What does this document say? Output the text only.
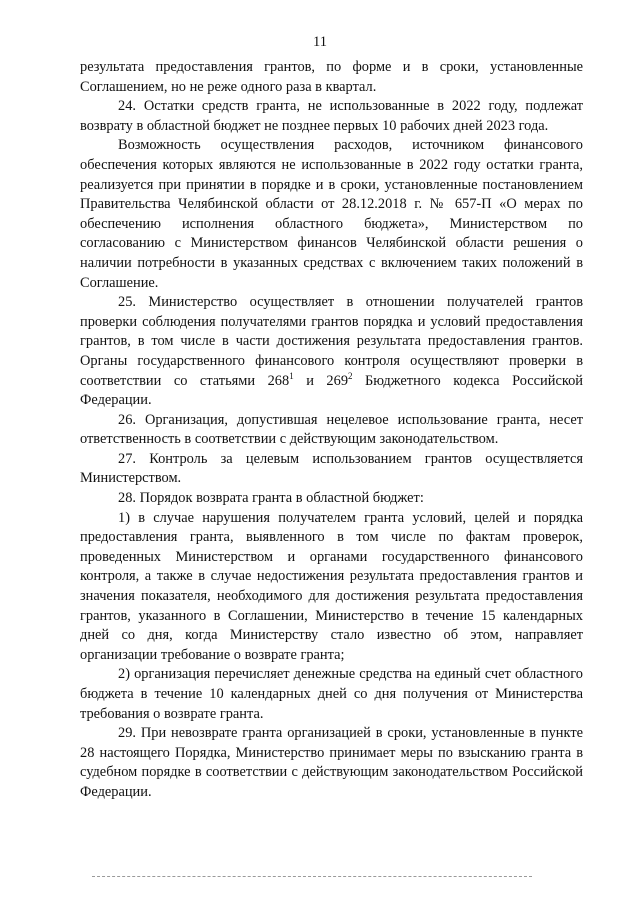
11

результата предоставления грантов, по форме и в сроки, установленные Соглашением, но не реже одного раза в квартал.

24. Остатки средств гранта, не использованные в 2022 году, подлежат возврату в областной бюджет не позднее первых 10 рабочих дней 2023 года.

Возможность осуществления расходов, источником финансового обеспечения которых являются не использованные в 2022 году остатки гранта, реализуется при принятии в порядке и в сроки, установленные постановлением Правительства Челябинской области от 28.12.2018 г. № 657-П «О мерах по обеспечению исполнения областного бюджета», Министерством по согласованию с Министерством финансов Челябинской области решения о наличии потребности в указанных средствах с включением таких положений в Соглашение.

25. Министерство осуществляет в отношении получателей грантов проверки соблюдения получателями грантов порядка и условий предоставления грантов, в том числе в части достижения результата предоставления грантов. Органы государственного финансового контроля осуществляют проверки в соответствии со статьями $268^1$ и $269^2$ Бюджетного кодекса Российской Федерации.

26. Организация, допустившая нецелевое использование гранта, несет ответственность в соответствии с действующим законодательством.

27. Контроль за целевым использованием грантов осуществляется Министерством.

28. Порядок возврата гранта в областной бюджет:

1) в случае нарушения получателем гранта условий, целей и порядка предоставления гранта, выявленного в том числе по фактам проверок, проведенных Министерством и органами государственного финансового контроля, а также в случае недостижения результата предоставления грантов и значения показателя, необходимого для достижения результата предоставления грантов, указанного в Соглашении, Министерство в течение 15 календарных дней со дня, когда Министерству стало известно об этом, направляет организации требование о возврате гранта;

2) организация перечисляет денежные средства на единый счет областного бюджета в течение 10 календарных дней со дня получения от Министерства требования о возврате гранта.

29. При невозврате гранта организацией в сроки, установленные в пункте 28 настоящего Порядка, Министерство принимает меры по взысканию гранта в судебном порядке в соответствии с действующим законодательством Российской Федерации.
